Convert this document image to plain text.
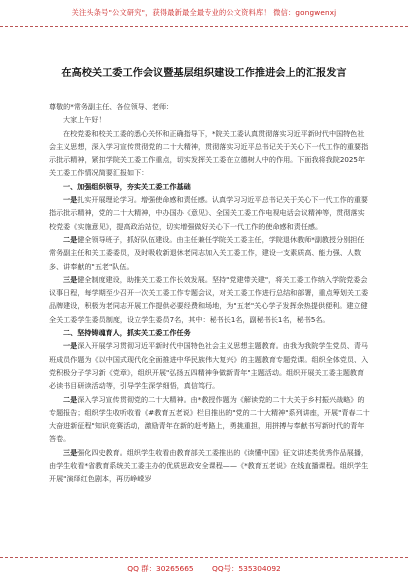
关注头条号"公文研究"，获得最新最全最专业的公文资料库！ 微信：gongwenxj
在高校关工委工作会议暨基层组织建设工作推进会上的汇报发言

尊敬的*常务副主任、各位领导、老师：

大家上午好！

在校党委和校关工委的悉心关怀和正确指导下，*院关工委认真贯彻落实习近平新时代中国特色社会主义思想，深入学习宣传贯彻党的二十大精神，贯彻落实习近平总书记关于关心下一代工作的重要指示批示精神，紧扣学院关工委工作重点，切实发挥关工委在立德树人中的作用。下面我将我院2025年关工委工作情况简要汇报如下：

一、加强组织领导，夯实关工委工作基础

一是扎实开展理论学习。增强使命感和责任感。认真学习习近平总书记关于关心下一代工作的重要指示批示精神，党的二十大精神，中办国办《意见》、全国关工委工作电视电话会议精神等，贯彻落实校党委《实施意见》，提高政治站位，切实增强做好关心下一代工作的使命感和责任感。

二是健全领导班子，抓好队伍建设。由主任兼任学院关工委主任，学院退休教师*副教授分别担任常务副主任和关工委委员，及时吸收新退休老同志加入关工委工作，建设一支素质高、能力强、人数多、讲奉献的"五老"队伍。

三是健全制度建设，助推关工委工作长效发展。坚持"党建带关建"，将关工委工作纳入学院党委会议事日程，每学期至少召开一次关工委工作专题会议，对关工委工作进行总结和部署，重点筹划关工委品牌建设，积极为老同志开展工作提供必要经费和场地，为"五老"关心学子发挥余热提供便利。建立健全关工委学生委员制度，设立学生委员7名，其中：秘书长1名，副秘书长1名，秘书5名。

二、坚持铸魂育人，抓实关工委工作任务

一是深入开展学习贯彻习近平新时代中国特色社会主义思想主题教育。由我为我院学生党员、青马班成员作题为《以中国式现代化全面推进中华民族伟大复兴》的主题教育专题党课。组织全体党员、入党积极分子学习新《党章》，组织开展"弘扬五四精神争做新青年"主题活动。组织开展关工委主题教育必读书目研读活动等，引导学生深学细悟，真信笃行。

二是深入学习宣传贯彻党的二十大精神。由*教授作题为《解读党的二十大关于乡村振兴战略》的专题报告；组织学生收听收看《#教育五老说》栏目推出的"党的二十大精神"系列讲座，开展"青春二十大奋进新征程"知识竞赛活动，激励青年在新的赶考路上，勇挑重担，用拼搏与奉献书写新时代的青年答卷。

三是强化四史教育。组织学生收看由教育部关工委推出的《读懂中国》征文讲述类优秀作品展播，由学生收看*省教育系统关工委主办的优质思政安全课程——《*教育五老说》在线直播课程。组织学生开展"演绎红色剧本，再历峥嵘岁

QQ 群：30265665 QQ号：535304092
